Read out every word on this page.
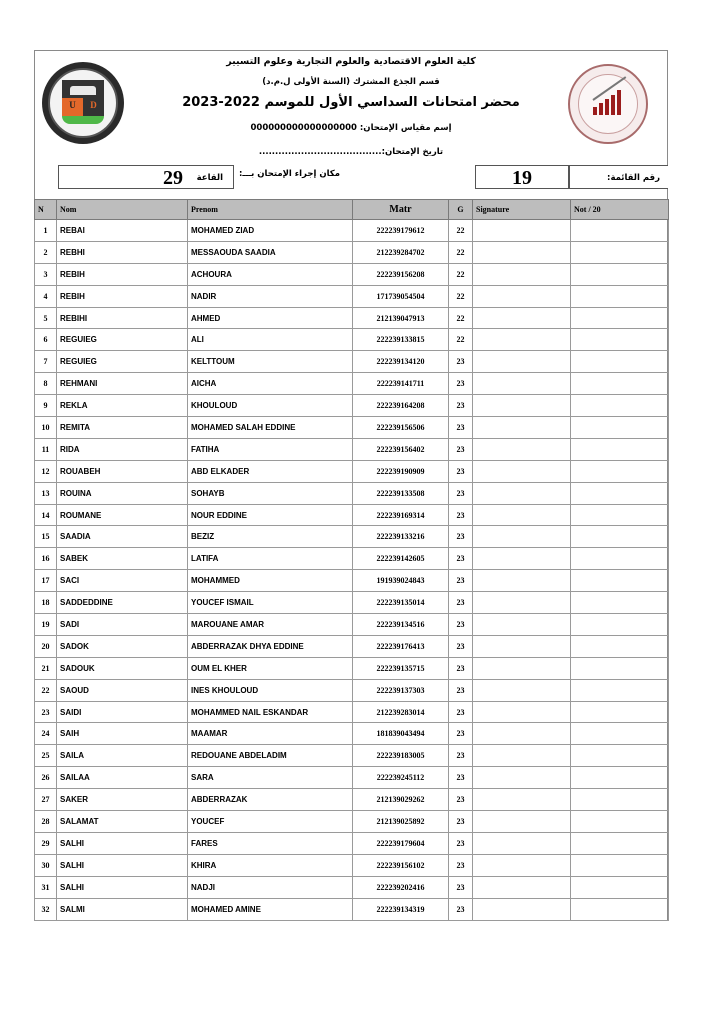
U	D
كلية العلوم الاقتصادية والعلوم التجارية وعلوم التسيير
قسم الجذع المشترك (السنة الأولى ل.م.د)
محضر امتحانات السداسي الأول للموسم 2022-2023
إسم مقياس الإمتحان: 000000000000000000
تاريخ الإمتحان:......................................
29 القاعة	مكان إجراء الإمتحان بـــ:	19	رقم القائمة:
N	Nom	Prenom	Matr	G	Signature	Not / 20
1	REBAI	MOHAMED ZIAD	222239179612	22		
2	REBHI	MESSAOUDA SAADIA	212239284702	22		
3	REBIH	ACHOURA	222239156208	22		
4	REBIH	NADIR	171739054504	22		
5	REBIHI	AHMED	212139047913	22		
6	REGUIEG	ALI	222239133815	22		
7	REGUIEG	KELTTOUM	222239134120	23		
8	REHMANI	AICHA	222239141711	23		
9	REKLA	KHOULOUD	222239164208	23		
10	REMITA	MOHAMED SALAH EDDINE	222239156506	23		
11	RIDA	FATIHA	222239156402	23		
12	ROUABEH	ABD ELKADER	222239190909	23		
13	ROUINA	SOHAYB	222239133508	23		
14	ROUMANE	NOUR EDDINE	222239169314	23		
15	SAADIA	BEZIZ	222239133216	23		
16	SABEK	LATIFA	222239142605	23		
17	SACI	MOHAMMED	191939024843	23		
18	SADDEDDINE	YOUCEF ISMAIL	222239135014	23		
19	SADI	MAROUANE AMAR	222239134516	23		
20	SADOK	ABDERRAZAK DHYA EDDINE	222239176413	23		
21	SADOUK	OUM EL KHER	222239135715	23		
22	SAOUD	INES KHOULOUD	222239137303	23		
23	SAIDI	MOHAMMED NAIL ESKANDAR	212239283014	23		
24	SAIH	MAAMAR	181839043494	23		
25	SAILA	REDOUANE ABDELADIM	222239183005	23		
26	SAILAA	SARA	222239245112	23		
27	SAKER	ABDERRAZAK	212139029262	23		
28	SALAMAT	YOUCEF	212139025892	23		
29	SALHI	FARES	222239179604	23		
30	SALHI	KHIRA	222239156102	23		
31	SALHI	NADJI	222239202416	23		
32	SALMI	MOHAMED AMINE	222239134319	23		
